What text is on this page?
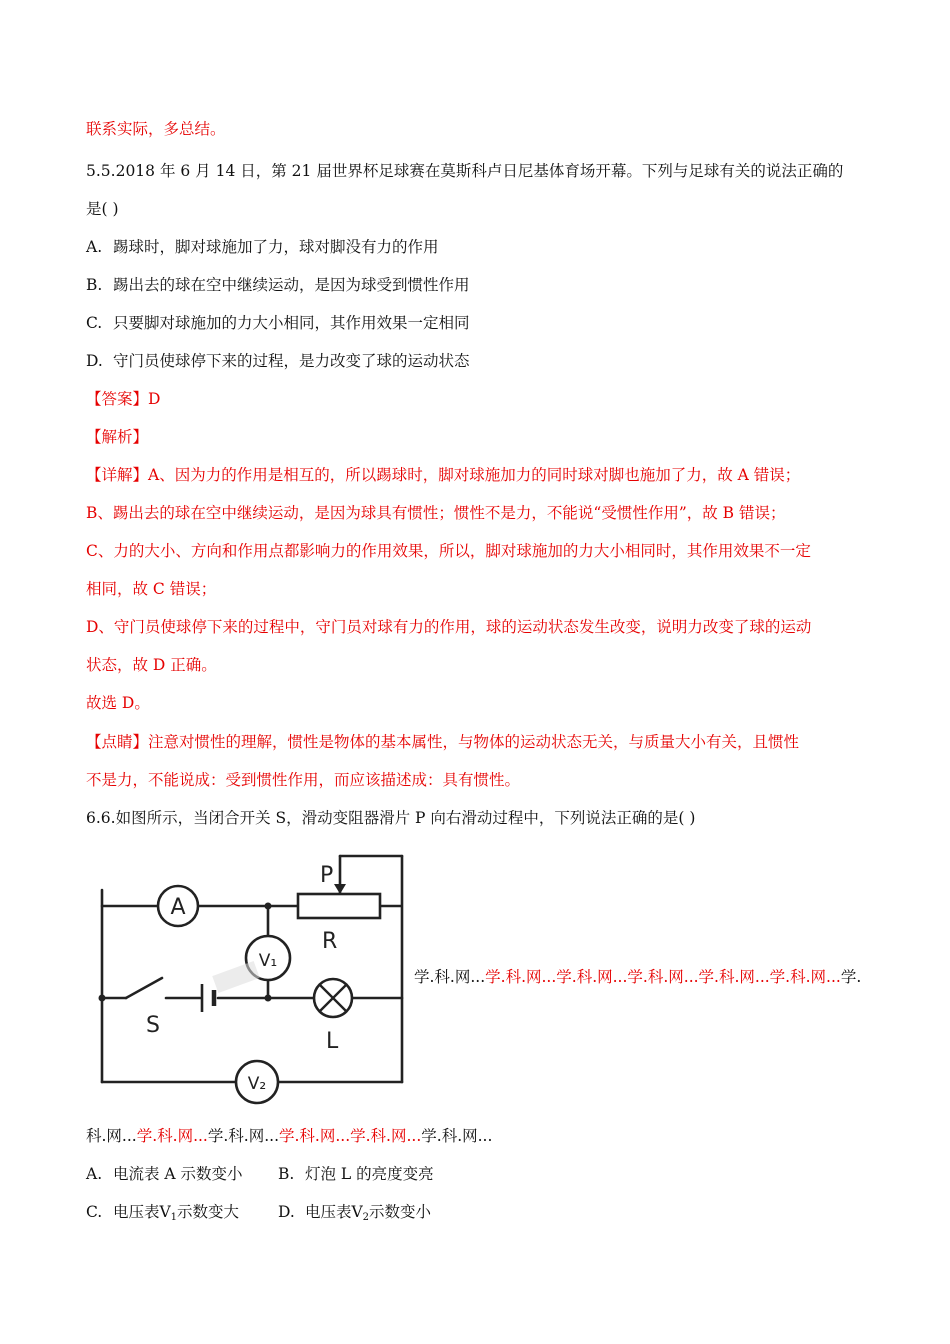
联系实际，多总结。
5.5.2018 年 6 月 14 日，第 21 届世界杯足球赛在莫斯科卢日尼基体育场开幕。下列与足球有关的说法正确的
是( )
A. 踢球时，脚对球施加了力，球对脚没有力的作用
B. 踢出去的球在空中继续运动，是因为球受到惯性作用
C. 只要脚对球施加的力大小相同，其作用效果一定相同
D. 守门员使球停下来的过程，是力改变了球的运动状态
【答案】D
【解析】
【详解】A、因为力的作用是相互的，所以踢球时，脚对球施加力的同时球对脚也施加了力，故 A 错误；
B、踢出去的球在空中继续运动，是因为球具有惯性；惯性不是力，不能说“受惯性作用”，故 B 错误；
C、力的大小、方向和作用点都影响力的作用效果，所以，脚对球施加的力大小相同时，其作用效果不一定
相同，故 C 错误；
D、守门员使球停下来的过程中，守门员对球有力的作用，球的运动状态发生改变，说明力改变了球的运动
状态，故 D 正确。
故选 D。
【点睛】注意对惯性的理解，惯性是物体的基本属性，与物体的运动状态无关，与质量大小有关，且惯性
不是力，不能说成：受到惯性作用，而应该描述成：具有惯性。
6.6.如图所示，当闭合开关 S，滑动变阻器滑片 P 向右滑动过程中，下列说法正确的是( )
A
V₁
V₂
P
R
S
L
学.科.网...学.科.网...学.科.网...学.科.网...学.科.网...学.科.网...学.
科.网...学.科.网...学.科.网...学.科.网...学.科.网...学.科.网...
A. 电流表 A 示数变小 B. 灯泡 L 的亮度变亮
C. 电压表$V_1$示数变大	D. 电压表$V_2$示数变小
